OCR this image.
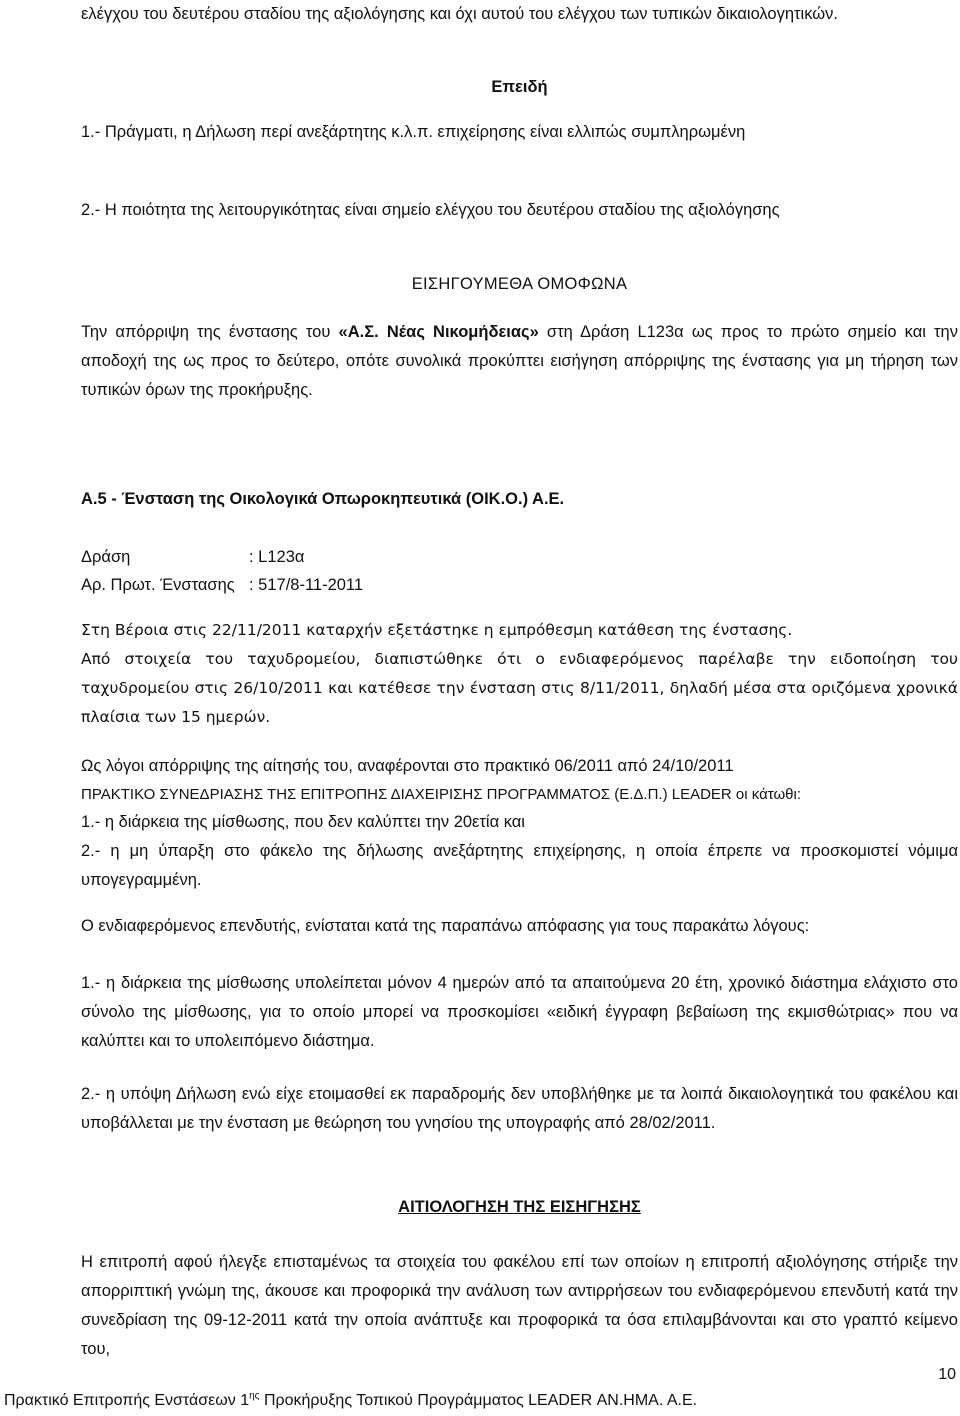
ελέγχου του δευτέρου σταδίου της αξιολόγησης και όχι αυτού του ελέγχου των τυπικών δικαιολογητικών.
Επειδή
1.- Πράγματι, η Δήλωση περί ανεξάρτητης κ.λ.π. επιχείρησης είναι ελλιπώς συμπληρωμένη
2.- Η ποιότητα της λειτουργικότητας είναι σημείο ελέγχου του δευτέρου σταδίου της αξιολόγησης
ΕΙΣΗΓΟΥΜΕΘΑ ΟΜΟΦΩΝΑ
Την απόρριψη της ένστασης του «Α.Σ. Νέας Νικομήδειας» στη Δράση L123α ως προς το πρώτο σημείο και την αποδοχή της ως προς το δεύτερο, οπότε συνολικά προκύπτει εισήγηση απόρριψης της ένστασης για μη τήρηση των τυπικών όρων της προκήρυξης.
Α.5 - Ένσταση της Οικολογικά Οπωροκηπευτικά (ΟΙΚ.Ο.) Α.Ε.
Δράση	: L123α
Αρ. Πρωτ. Ένστασης : 517/8-11-2011
Στη Βέροια στις 22/11/2011 καταρχήν εξετάστηκε η εμπρόθεσμη κατάθεση της ένστασης.
Από στοιχεία του ταχυδρομείου, διαπιστώθηκε ότι ο ενδιαφερόμενος παρέλαβε την ειδοποίηση του ταχυδρομείου στις 26/10/2011 και κατέθεσε την ένσταση στις 8/11/2011, δηλαδή μέσα στα οριζόμενα χρονικά πλαίσια των 15 ημερών.
Ως λόγοι απόρριψης της αίτησής του, αναφέρονται στο πρακτικό 06/2011 από 24/10/2011
ΠΡΑΚΤΙΚΟ ΣΥΝΕΔΡΙΑΣΗΣ ΤΗΣ ΕΠΙΤΡΟΠΗΣ ΔΙΑΧΕΙΡΙΣΗΣ ΠΡΟΓΡΑΜΜΑΤΟΣ (Ε.Δ.Π.) LEADER οι κάτωθι:
1.- η διάρκεια της μίσθωσης, που δεν καλύπτει την 20ετία και
2.- η μη ύπαρξη στο φάκελο της δήλωσης ανεξάρτητης επιχείρησης, η οποία έπρεπε να προσκομιστεί νόμιμα υπογεγραμμένη.
Ο ενδιαφερόμενος επενδυτής, ενίσταται κατά της παραπάνω απόφασης για τους παρακάτω λόγους:
1.- η διάρκεια της μίσθωσης υπολείπεται μόνον 4 ημερών από τα απαιτούμενα 20 έτη, χρονικό διάστημα ελάχιστο στο σύνολο της μίσθωσης, για το οποίο μπορεί να προσκομίσει «ειδική έγγραφη βεβαίωση της εκμισθώτριας» που να καλύπτει και το υπολειπόμενο διάστημα.
2.- η υπόψη Δήλωση ενώ είχε ετοιμασθεί εκ παραδρομής δεν υποβλήθηκε με τα λοιπά δικαιολογητικά του φακέλου και υποβάλλεται με την ένσταση με θεώρηση του γνησίου της υπογραφής από 28/02/2011.
ΑΙΤΙΟΛΟΓΗΣΗ ΤΗΣ ΕΙΣΗΓΗΣΗΣ
Η επιτροπή αφού ήλεγξε επισταμένως τα στοιχεία του φακέλου επί των οποίων η επιτροπή αξιολόγησης στήριξε την απορριπτική γνώμη της, άκουσε και προφορικά την ανάλυση των αντιρρήσεων του ενδιαφερόμενου επενδυτή κατά την συνεδρίαση της 09-12-2011 κατά την οποία ανάπτυξε και προφορικά τα όσα επιλαμβάνονται και στο γραπτό κείμενο του,
10
Πρακτικό Επιτροπής Ενστάσεων $1^{\eta\varsigma}$ Προκήρυξης Τοπικού Προγράμματος LEADER ΑΝ.ΗΜΑ. Α.Ε.
